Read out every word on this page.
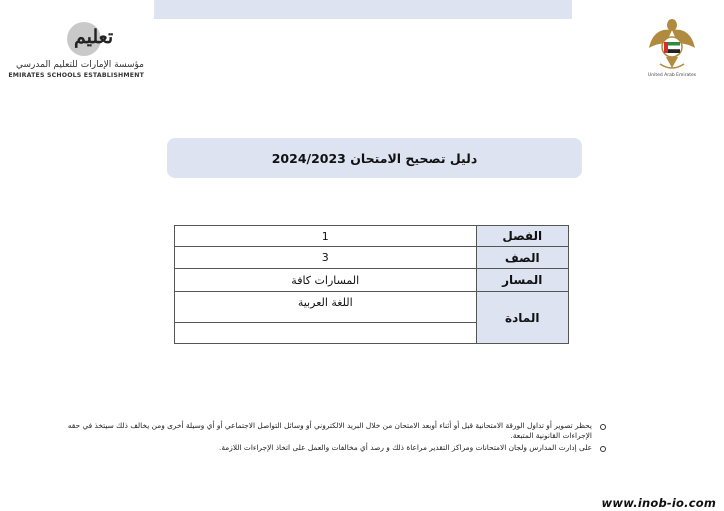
تعليم
مؤسسة الإمارات للتعليم المدرسي
EMIRATES SCHOOLS ESTABLISHMENT	United Arab Emirates
دليل تصحيح الامتحان 2024/2023
الفصل	1
الصف	3
المسار	المسارات كافة
المادة	اللغة العربية

يحظر تصوير أو تداول الورقة الامتحانية قبل أو أثناء أوبعد الامتحان من خلال البريد الالكتروني أو وسائل التواصل الاجتماعي أو أي وسيلة أخرى ومن يخالف ذلك سيتخذ في حقه الإجراءات القانونية المتبعة.
على إدارت المدارس ولجان الامتحانات ومراكز التقدير مراعاة ذلك و رصد أي مخالفات والعمل على اتخاذ الإجراءات اللازمة.
www.inob-io.com
